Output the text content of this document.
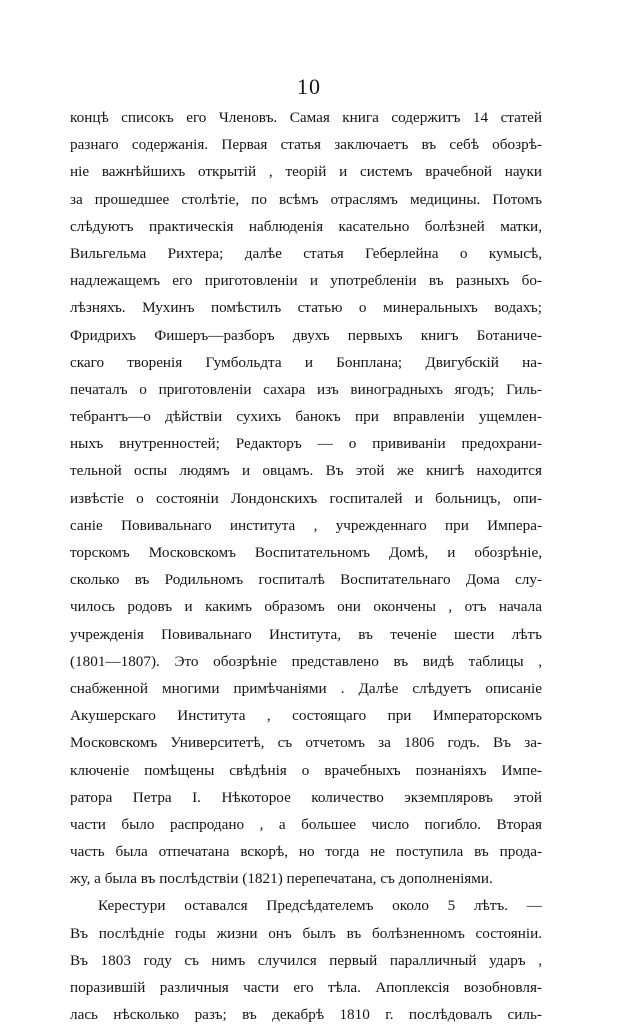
10
концѣ списокъ его Членовъ. Самая книга содержитъ 14 статей
разнаго содержанія. Первая статья заключаетъ въ себѣ обозрѣ-
ніе важнѣйшихъ открытій , теорій и системъ врачебной науки
за прошедшее столѣтіе, по всѣмъ отраслямъ медицины. Потомъ
слѣдуютъ практическія наблюденія касательно болѣзней матки,
Вильгельма Рихтера; далѣе статья Геберлейна о кумысѣ,
надлежащемъ его приготовленіи и употребленіи въ разныхъ бо-
лѣзняхъ. Мухинъ помѣстилъ статью о минеральныхъ водахъ;
Фридрихъ Фишеръ—разборъ двухъ первыхъ книгъ Ботаниче-
скаго творенія Гумбольдта и Бонплана; Двигубскій на-
печаталъ о приготовленіи сахара изъ виноградныхъ ягодъ; Гиль-
тебрантъ—о дѣйствіи сухихъ банокъ при вправленіи ущемлен-
ныхъ внутренностей; Редакторъ — о прививаніи предохрани-
тельной оспы людямъ и овцамъ. Въ этой же книгѣ находится
извѣстіе о состояніи Лондонскихъ госпиталей и больницъ, опи-
саніе Повивальнаго института , учрежденнаго при Импера-
торскомъ Московскомъ Воспитательномъ Домѣ, и обозрѣніе,
сколько въ Родильномъ госпиталѣ Воспитательнаго Дома слу-
чилось родовъ и какимъ образомъ они окончены , отъ начала
учрежденія Повивальнаго Института, въ теченіе шести лѣтъ
(1801—1807). Это обозрѣніе представлено въ видѣ таблицы ,
снабженной многими примѣчаніями . Далѣе слѣдуетъ описаніе
Акушерскаго Института , состоящаго при Императорскомъ
Московскомъ Университетѣ, съ отчетомъ за 1806 годъ. Въ за-
ключеніе помѣщены свѣдѣнія о врачебныхъ познаніяхъ Импе-
ратора Петра I. Нѣкоторое количество экземпляровъ этой
части было распродано , а большее число погибло. Вторая
часть была отпечатана вскорѣ, но тогда не поступила въ прода-
жу, а была въ послѣдствіи (1821) перепечатана, съ дополненіями.
Керестури оставался Предсѣдателемъ около 5 лѣтъ. —
Въ послѣдніе годы жизни онъ былъ въ болѣзненномъ состояніи.
Въ 1803 году съ нимъ случился первый паралличный ударъ ,
поразившій различныя части его тѣла. Апоплексія возобновля-
лась нѣсколько разъ; въ декабрѣ 1810 г. послѣдовалъ силь-
